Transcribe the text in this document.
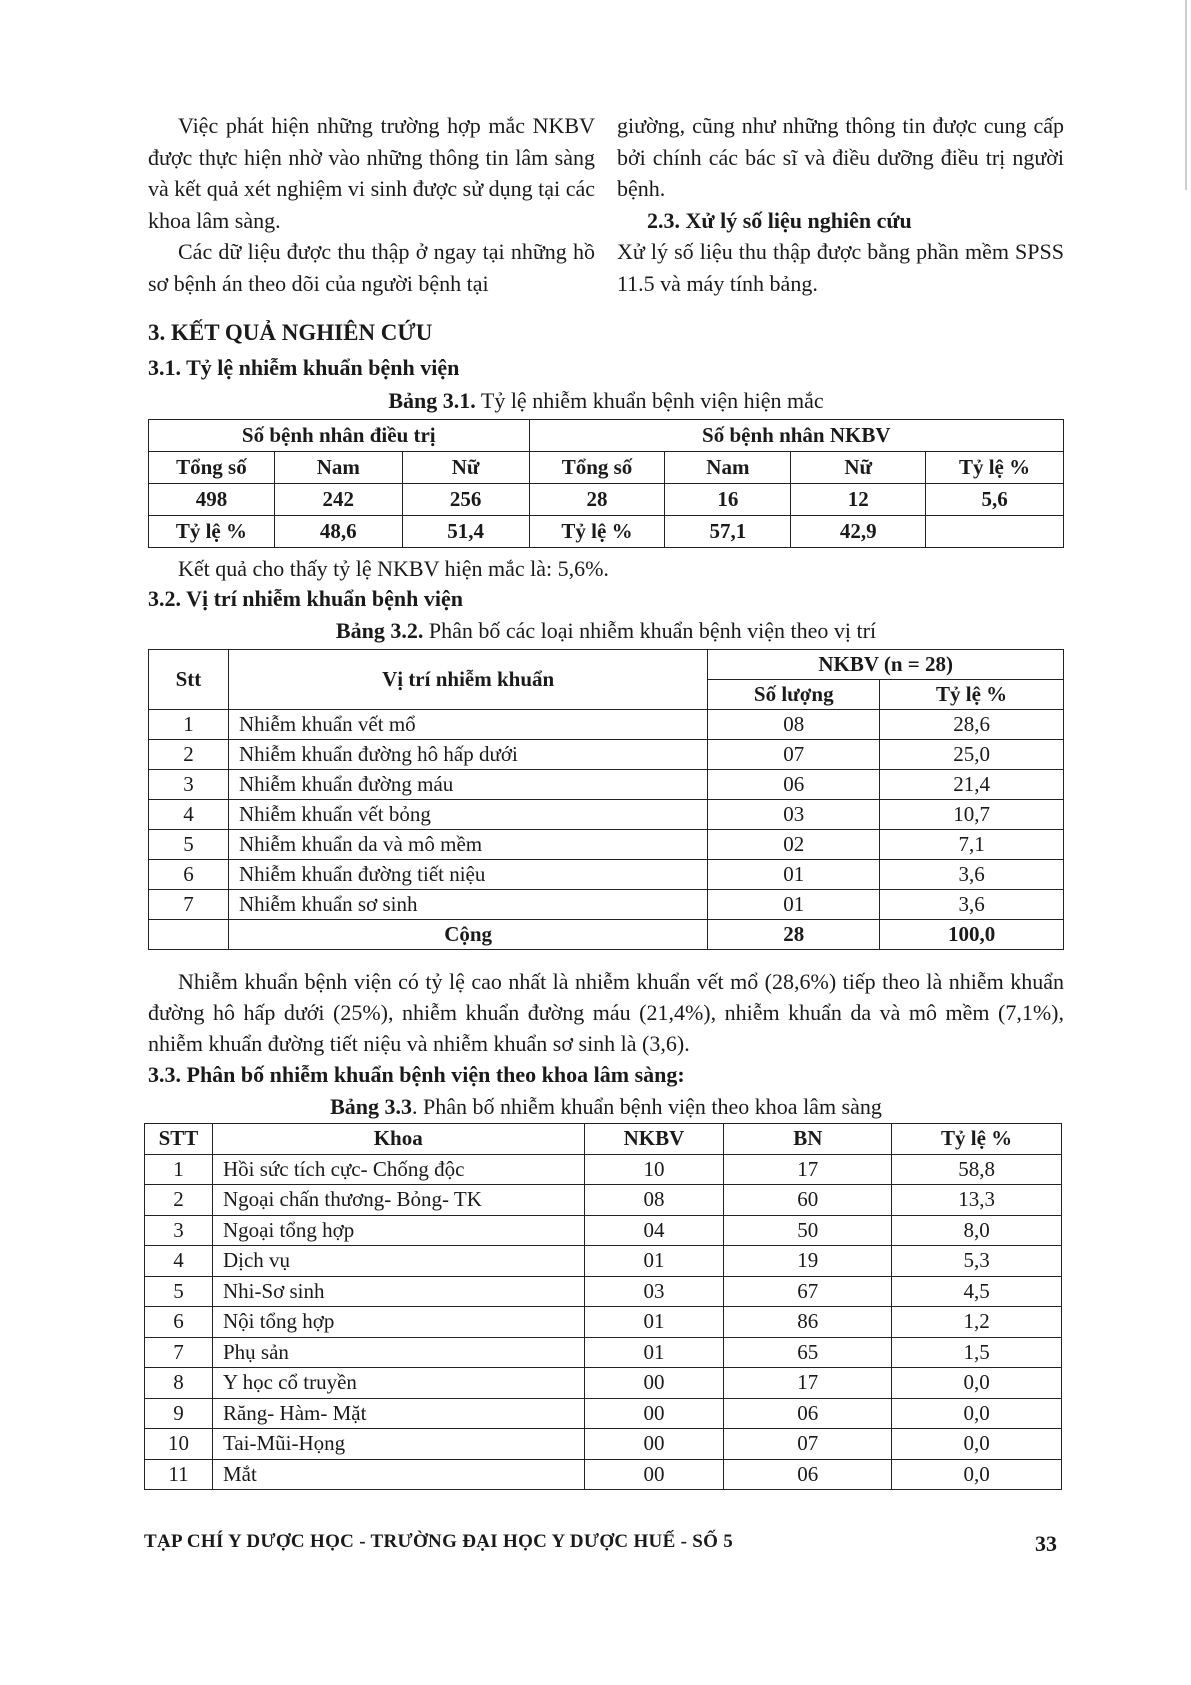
Việc phát hiện những trường hợp mắc NKBV được thực hiện nhờ vào những thông tin lâm sàng và kết quả xét nghiệm vi sinh được sử dụng tại các khoa lâm sàng.

Các dữ liệu được thu thập ở ngay tại những hồ sơ bệnh án theo dõi của người bệnh tại

giường, cũng như những thông tin được cung cấp bởi chính các bác sĩ và điều dưỡng điều trị người bệnh.

2.3. Xử lý số liệu nghiên cứu

Xử lý số liệu thu thập được bằng phần mềm SPSS 11.5 và máy tính bảng.

3. KẾT QUẢ NGHIÊN CỨU
3.1. Tỷ lệ nhiễm khuẩn bệnh viện

Bảng 3.1. Tỷ lệ nhiễm khuẩn bệnh viện hiện mắc

Số bệnh nhân điều trị			Số bệnh nhân NKBV			
Tổng số	Nam	Nữ	Tổng số	Nam	Nữ	Tỷ lệ %
498	242	256	28	16	12	5,6
Tỷ lệ %	48,6	51,4	Tỷ lệ %	57,1	42,9	

Kết quả cho thấy tỷ lệ NKBV hiện mắc là: 5,6%.

3.2. Vị trí nhiễm khuẩn bệnh viện

Bảng 3.2. Phân bố các loại nhiễm khuẩn bệnh viện theo vị trí

Stt	Vị trí nhiễm khuẩn	NKBV (n = 28)	
		Số lượng	Tỷ lệ %
1	Nhiễm khuẩn vết mổ	08	28,6
2	Nhiễm khuẩn đường hô hấp dưới	07	25,0
3	Nhiễm khuẩn đường máu	06	21,4
4	Nhiễm khuẩn vết bỏng	03	10,7
5	Nhiễm khuẩn da và mô mềm	02	7,1
6	Nhiễm khuẩn đường tiết niệu	01	3,6
7	Nhiễm khuẩn sơ sinh	01	3,6
	Cộng	28	100,0

Nhiễm khuẩn bệnh viện có tỷ lệ cao nhất là nhiễm khuẩn vết mổ (28,6%) tiếp theo là nhiễm khuẩn đường hô hấp dưới (25%), nhiễm khuẩn đường máu (21,4%), nhiễm khuẩn da và mô mềm (7,1%), nhiễm khuẩn đường tiết niệu và nhiễm khuẩn sơ sinh là (3,6).

3.3. Phân bố nhiễm khuẩn bệnh viện theo khoa lâm sàng:

Bảng 3.3. Phân bố nhiễm khuẩn bệnh viện theo khoa lâm sàng

STT	Khoa	NKBV	BN	Tỷ lệ %
1	Hồi sức tích cực- Chống độc	10	17	58,8
2	Ngoại chấn thương- Bỏng- TK	08	60	13,3
3	Ngoại tổng hợp	04	50	8,0
4	Dịch vụ	01	19	5,3
5	Nhi-Sơ sinh	03	67	4,5
6	Nội tổng hợp	01	86	1,2
7	Phụ sản	01	65	1,5
8	Y học cổ truyền	00	17	0,0
9	Răng- Hàm- Mặt	00	06	0,0
10	Tai-Mũi-Họng	00	07	0,0
11	Mắt	00	06	0,0

TẠP CHÍ Y DƯỢC HỌC - TRƯỜNG ĐẠI HỌC Y DƯỢC HUẾ - SỐ 5	33
